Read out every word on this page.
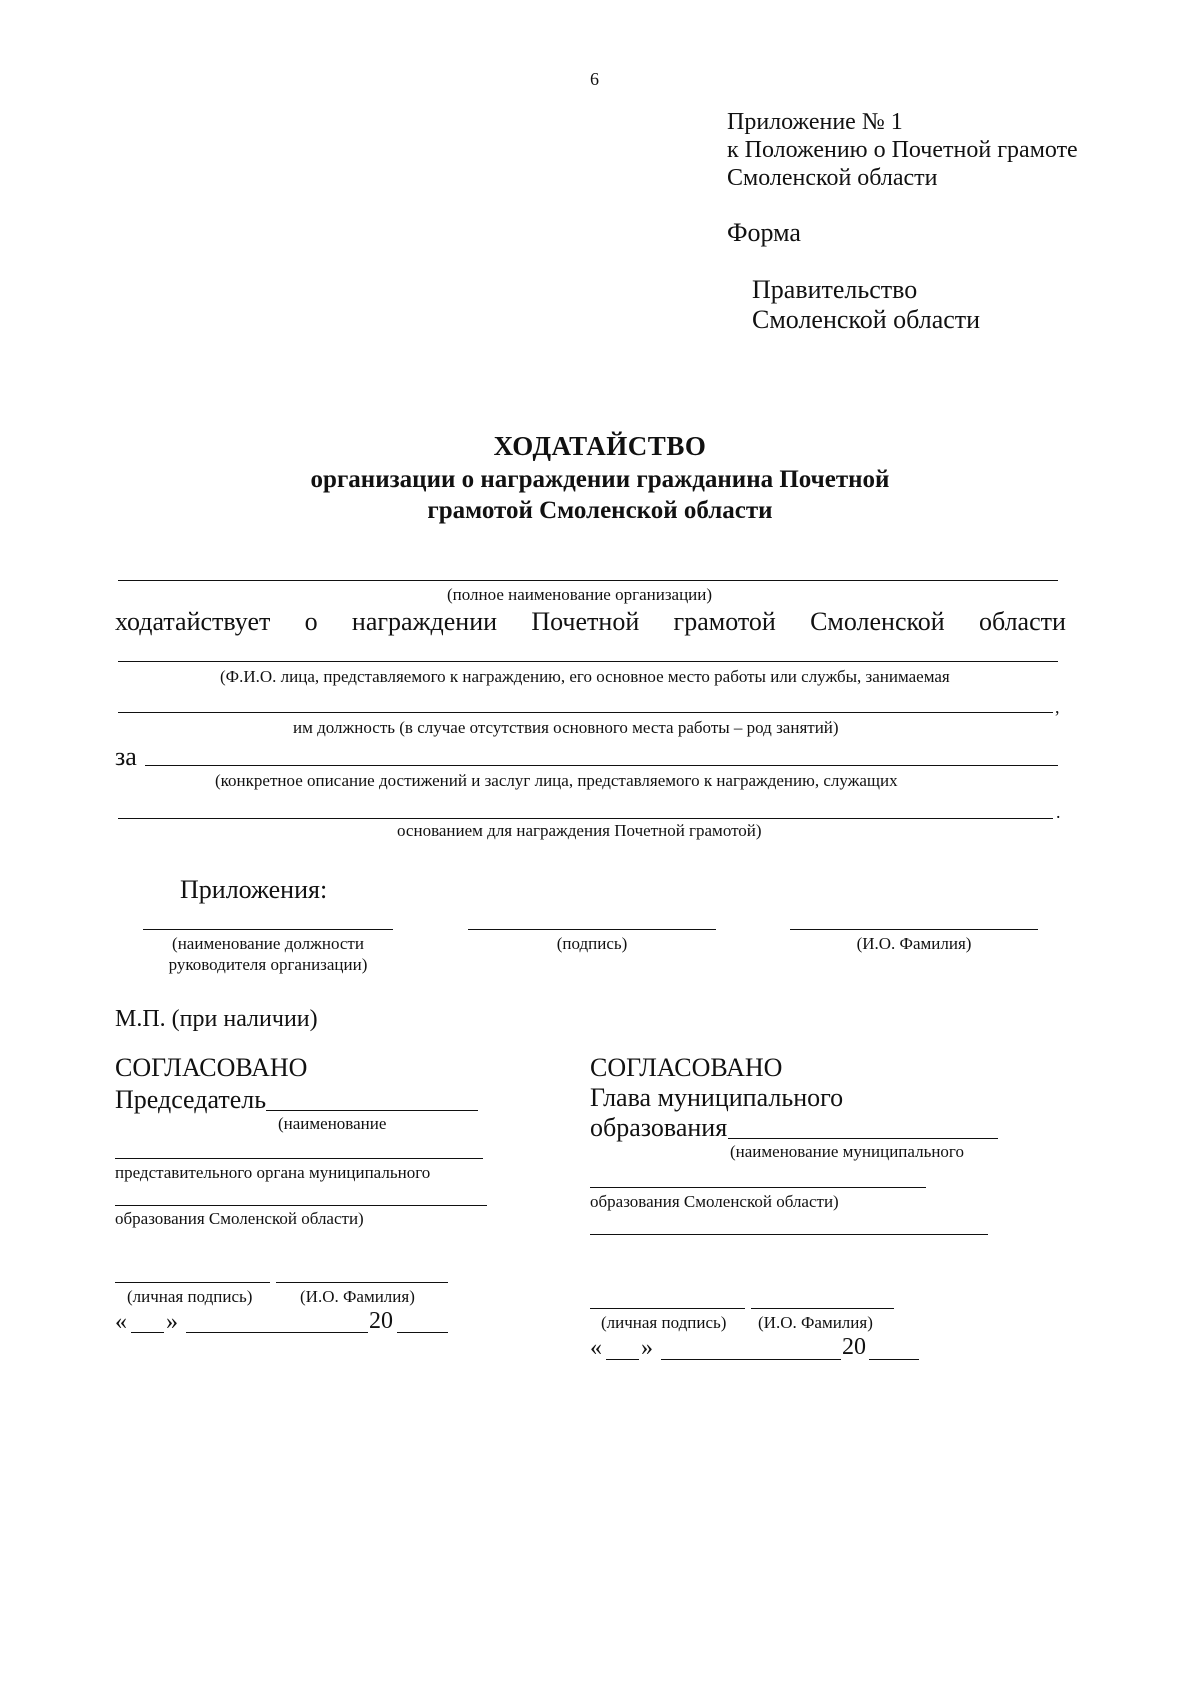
6
Приложение № 1
к Положению о Почетной грамоте
Смоленской области
Форма
Правительство
Смоленской области
ХОДАТАЙСТВО
организации о награждении гражданина Почетной
грамотой Смоленской области
(полное наименование организации)
ходатайствует о награждении Почетной грамотой Смоленской области
(Ф.И.О. лица, представляемого к награждению, его основное место работы или службы, занимаемая
,
им должность (в случае отсутствия основного места работы – род занятий)
за
(конкретное описание достижений и заслуг лица, представляемого к награждению, служащих
.
основанием для награждения Почетной грамотой)
Приложения:
(наименование должности
руководителя организации)
(подпись)	(И.О. Фамилия)
М.П. (при наличии)
СОГЛАСОВАНО
Председатель
(наименование
представительного органа муниципального
образования Смоленской области)
(личная подпись)	(И.О. Фамилия)
« »	20
СОГЛАСОВАНО
Глава муниципального
образования
(наименование муниципального
образования Смоленской области)
(личная подпись) (И.О. Фамилия)
« »	20
